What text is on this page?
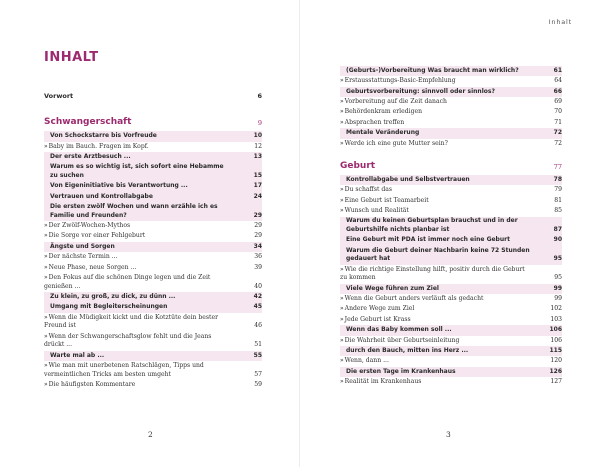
INHALT
Vorwort	6
Schwangerschaft	9
Von Schockstarre bis Vorfreude	10
»Baby im Bauch. Fragen im Kopf.	12
Der erste Arztbesuch ...	13
Warum es so wichtig ist, sich sofort eine Hebamme zu suchen	15
Von Eigeninitiative bis Verantwortung ...	17
Vertrauen und Kontrollabgabe	24
Die ersten zwölf Wochen und wann erzähle ich es Familie und Freunden?	29
»Der Zwölf-Wochen-Mythos	29
»Die Sorge vor einer Fehlgeburt	29
Ängste und Sorgen	34
»Der nächste Termin ...	36
»Neue Phase, neue Sorgen ...	39
»Den Fokus auf die schönen Dinge legen und die Zeit genießen ...	40
Zu klein, zu groß, zu dick, zu dünn ...	42
Umgang mit Begleiterscheinungen	45
»Wenn die Müdigkeit kickt und die Kotztüte dein bester Freund ist	46
»Wenn der Schwangerschaftsglow fehlt und die Jeans drückt ...	51
Warte mal ab ...	55
»Wie man mit unerbetenen Ratschlägen, Tipps und vermeintlichen Tricks am besten umgeht	57
»Die häufigsten Kommentare	59
2
Inhalt
(Geburts-)Vorbereitung Was braucht man wirklich?	61
»Erstausstattungs-Basic-Empfehlung	64
Geburtsvorbereitung: sinnvoll oder sinnlos?	66
»Vorbereitung auf die Zeit danach	69
»Behördenkram erledigen	70
»Absprachen treffen	71
Mentale Veränderung	72
»Werde ich eine gute Mutter sein?	72
Geburt	77
Kontrollabgabe und Selbstvertrauen	78
»Du schaffst das	79
»Eine Geburt ist Teamarbeit	81
»Wunsch und Realität	85
Warum du keinen Geburtsplan brauchst und in der Geburtshilfe nichts planbar ist	87
Eine Geburt mit PDA ist immer noch eine Geburt	90
Warum die Geburt deiner Nachbarin keine 72 Stunden gedauert hat	95
»Wie die richtige Einstellung hilft, positiv durch die Geburt zu kommen	95
Viele Wege führen zum Ziel	99
»Wenn die Geburt anders verläuft als gedacht	99
»Andere Wege zum Ziel	102
»Jede Geburt ist Krass	103
Wenn das Baby kommen soll ...	106
»Die Wahrheit über Geburtseinleitung	106
durch den Bauch, mitten ins Herz ...	115
»Wenn, dann ...	120
Die ersten Tage im Krankenhaus	126
»Realität im Krankenhaus	127
3
